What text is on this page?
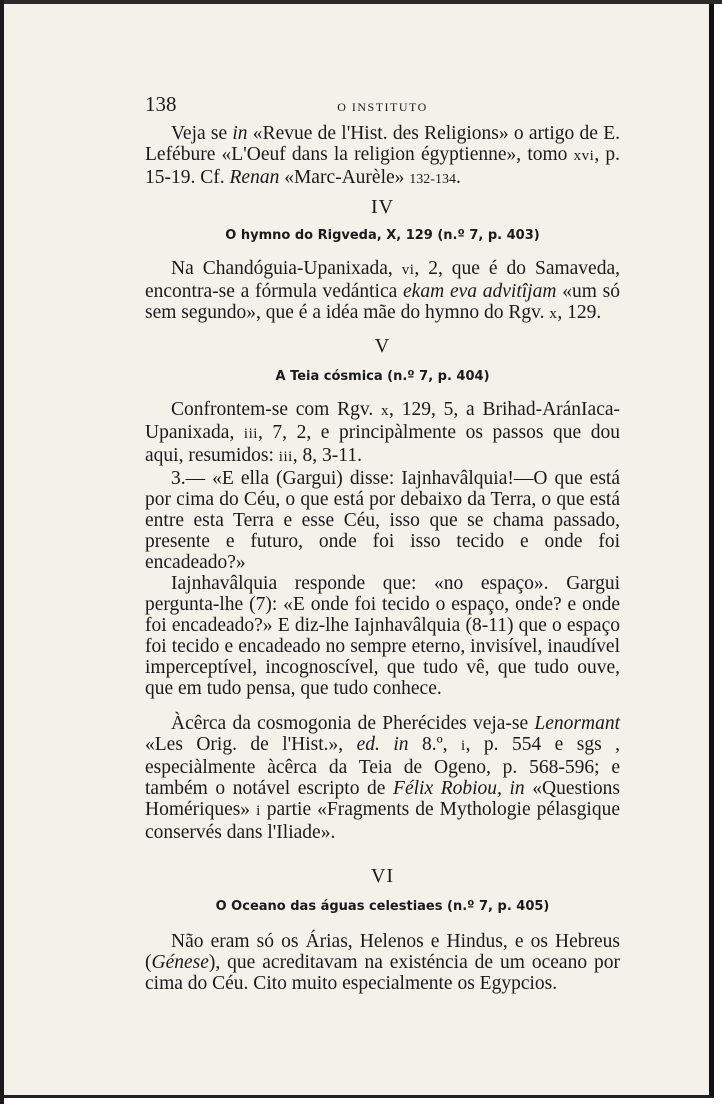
138	O INSTITUTO

Veja se in «Revue de l'Hist. des Religions» o artigo de E. Lefébure «L'Oeuf dans la religion égyptienne», tomo xvi, p. 15-19. Cf. Renan «Marc-Aurèle» 132-134.

IV
O hymno do Rigveda, X, 129 (n.º 7, p. 403)

Na Chandóguia-Upanixada, vi, 2, que é do Samaveda, encontra-se a fórmula vedántica ekam eva advitîjam «um só sem segundo», que é a idéa mãe do hymno do Rgv. x, 129.

V
A Teia cósmica (n.º 7, p. 404)

Confrontem-se com Rgv. x, 129, 5, a Brihad-AránIaca-Upanixada, iii, 7, 2, e principàlmente os passos que dou aqui, resumidos: iii, 8, 3-11.

3.— «E ella (Gargui) disse: Iajnhavâlquia!—O que está por cima do Céu, o que está por debaixo da Terra, o que está entre esta Terra e esse Céu, isso que se chama passado, presente e futuro, onde foi isso tecido e onde foi encadeado?»

Iajnhavâlquia responde que: «no espaço». Gargui pergunta-lhe (7): «E onde foi tecido o espaço, onde? e onde foi encadeado?» E diz-lhe Iajnhavâlquia (8-11) que o espaço foi tecido e encadeado no sempre eterno, invisível, inaudível imperceptível, incognoscível, que tudo vê, que tudo ouve, que em tudo pensa, que tudo conhece.

Àcêrca da cosmogonia de Pherécides veja-se Lenormant «Les Orig. de l'Hist.», ed. in 8.º, i, p. 554 e sgs , especiàlmente àcêrca da Teia de Ogeno, p. 568-596; e também o notável escripto de Félix Robiou, in «Questions Homériques» i partie «Fragments de Mythologie pélasgique conservés dans l'Iliade».

VI
O Oceano das águas celestiaes (n.º 7, p. 405)

Não eram só os Árias, Helenos e Hindus, e os Hebreus (Génese), que acreditavam na existéncia de um oceano por cima do Céu. Cito muito especialmente os Egypcios.
